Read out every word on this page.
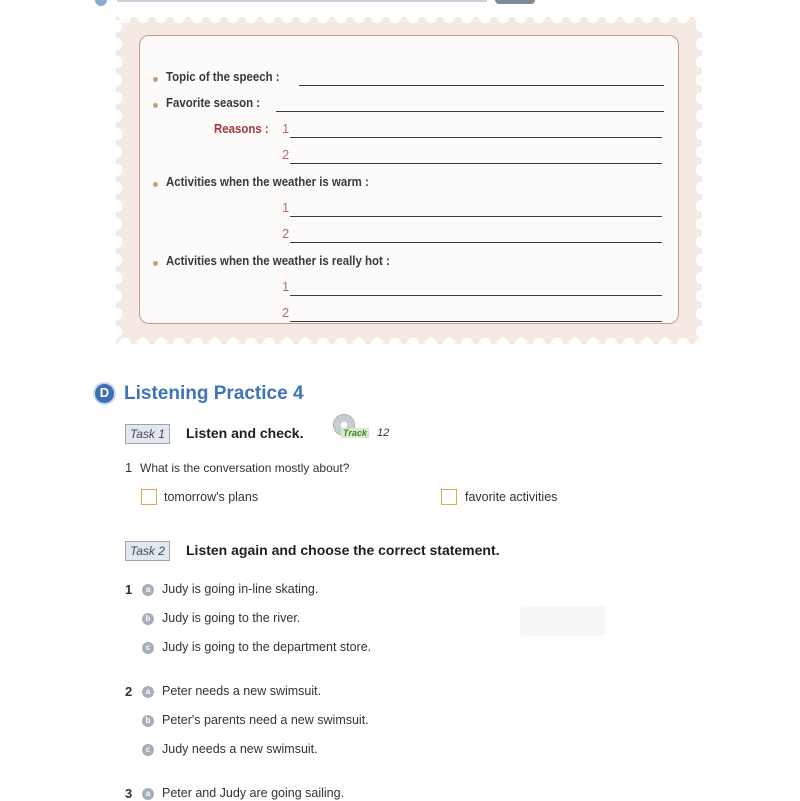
Topic of the speech :
Favorite season :
Reasons : 1
2
Activities when the weather is warm :
1
2
Activities when the weather is really hot :
1
2
D Listening Practice 4
Task 1	Listen and check.	Track 12
1 What is the conversation mostly about?
tomorrow's plans	favorite activities
Task 2	Listen again and choose the correct statement.
1	a Judy is going in-line skating.
b Judy is going to the river.
c Judy is going to the department store.
2	a Peter needs a new swimsuit.
b Peter's parents need a new swimsuit.
c Judy needs a new swimsuit.
3	a Peter and Judy are going sailing.
